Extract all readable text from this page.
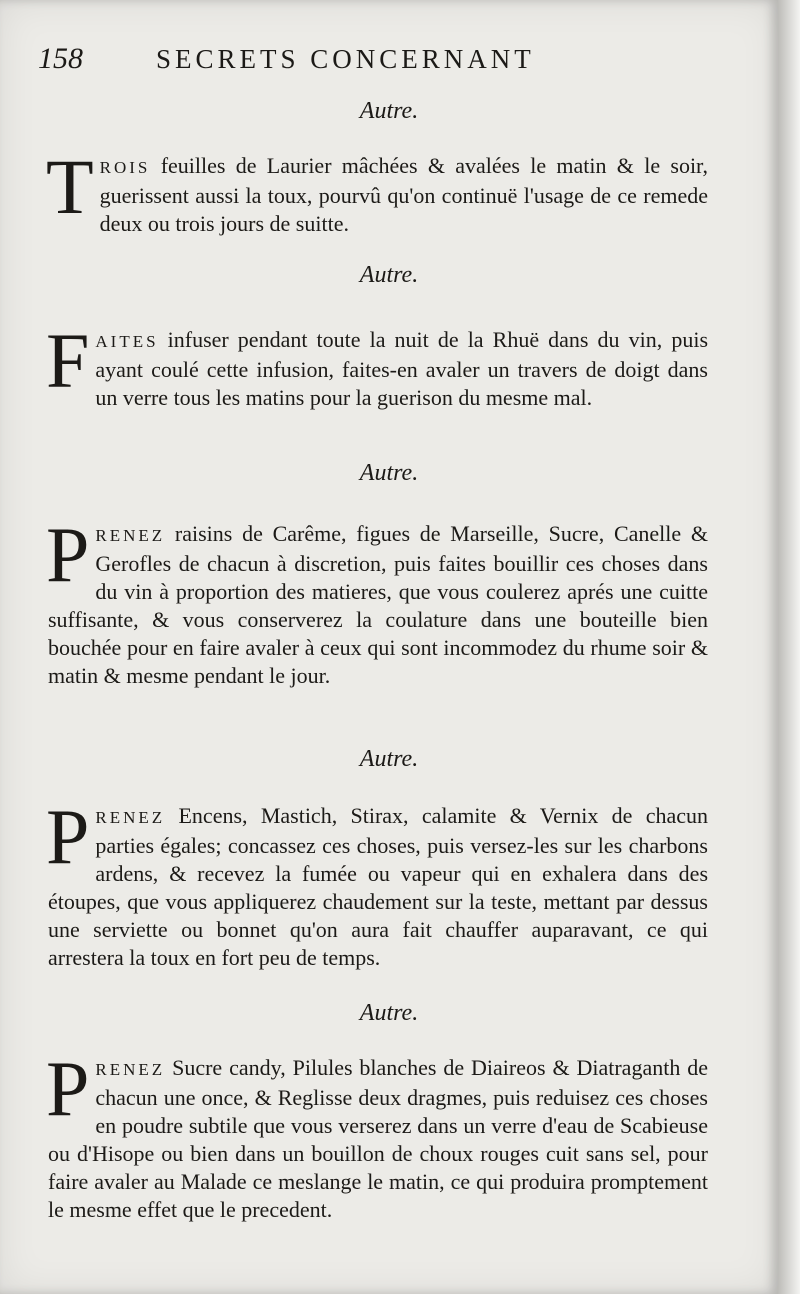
158	SECRETS CONCERNANT
Autre.
TROIS feuilles de Laurier mâchées & avalées le matin & le soir, guerissent aussi la toux, pourvû qu'on continuë l'usage de ce remede deux ou trois jours de suitte.
Autre.
FAITES infuser pendant toute la nuit de la Rhuë dans du vin, puis ayant coulé cette infusion, faites-en avaler un travers de doigt dans un verre tous les matins pour la guerison du mesme mal.
Autre.
PRENEZ raisins de Carême, figues de Marseille, Sucre, Canelle & Gerofles de chacun à discretion, puis faites bouillir ces choses dans du vin à proportion des matieres, que vous coulerez aprés une cuitte suffisante, & vous conserverez la coulature dans une bouteille bien bouchée pour en faire avaler à ceux qui sont incommodez du rhume soir & matin & mesme pendant le jour.
Autre.
PRENEZ Encens, Mastich, Stirax, calamite & Vernix de chacun parties égales; concassez ces choses, puis versez-les sur les charbons ardens, & recevez la fumée ou vapeur qui en exhalera dans des étoupes, que vous appliquerez chaudement sur la teste, mettant par dessus une serviette ou bonnet qu'on aura fait chauffer auparavant, ce qui arrestera la toux en fort peu de temps.
Autre.
PRENEZ Sucre candy, Pilules blanches de Diaireos & Diatraganth de chacun une once, & Reglisse deux dragmes, puis reduisez ces choses en poudre subtile que vous verserez dans un verre d'eau de Scabieuse ou d'Hisope ou bien dans un bouillon de choux rouges cuit sans sel, pour faire avaler au Malade ce meslange le matin, ce qui produira promptement le mesme effet que le precedent.
